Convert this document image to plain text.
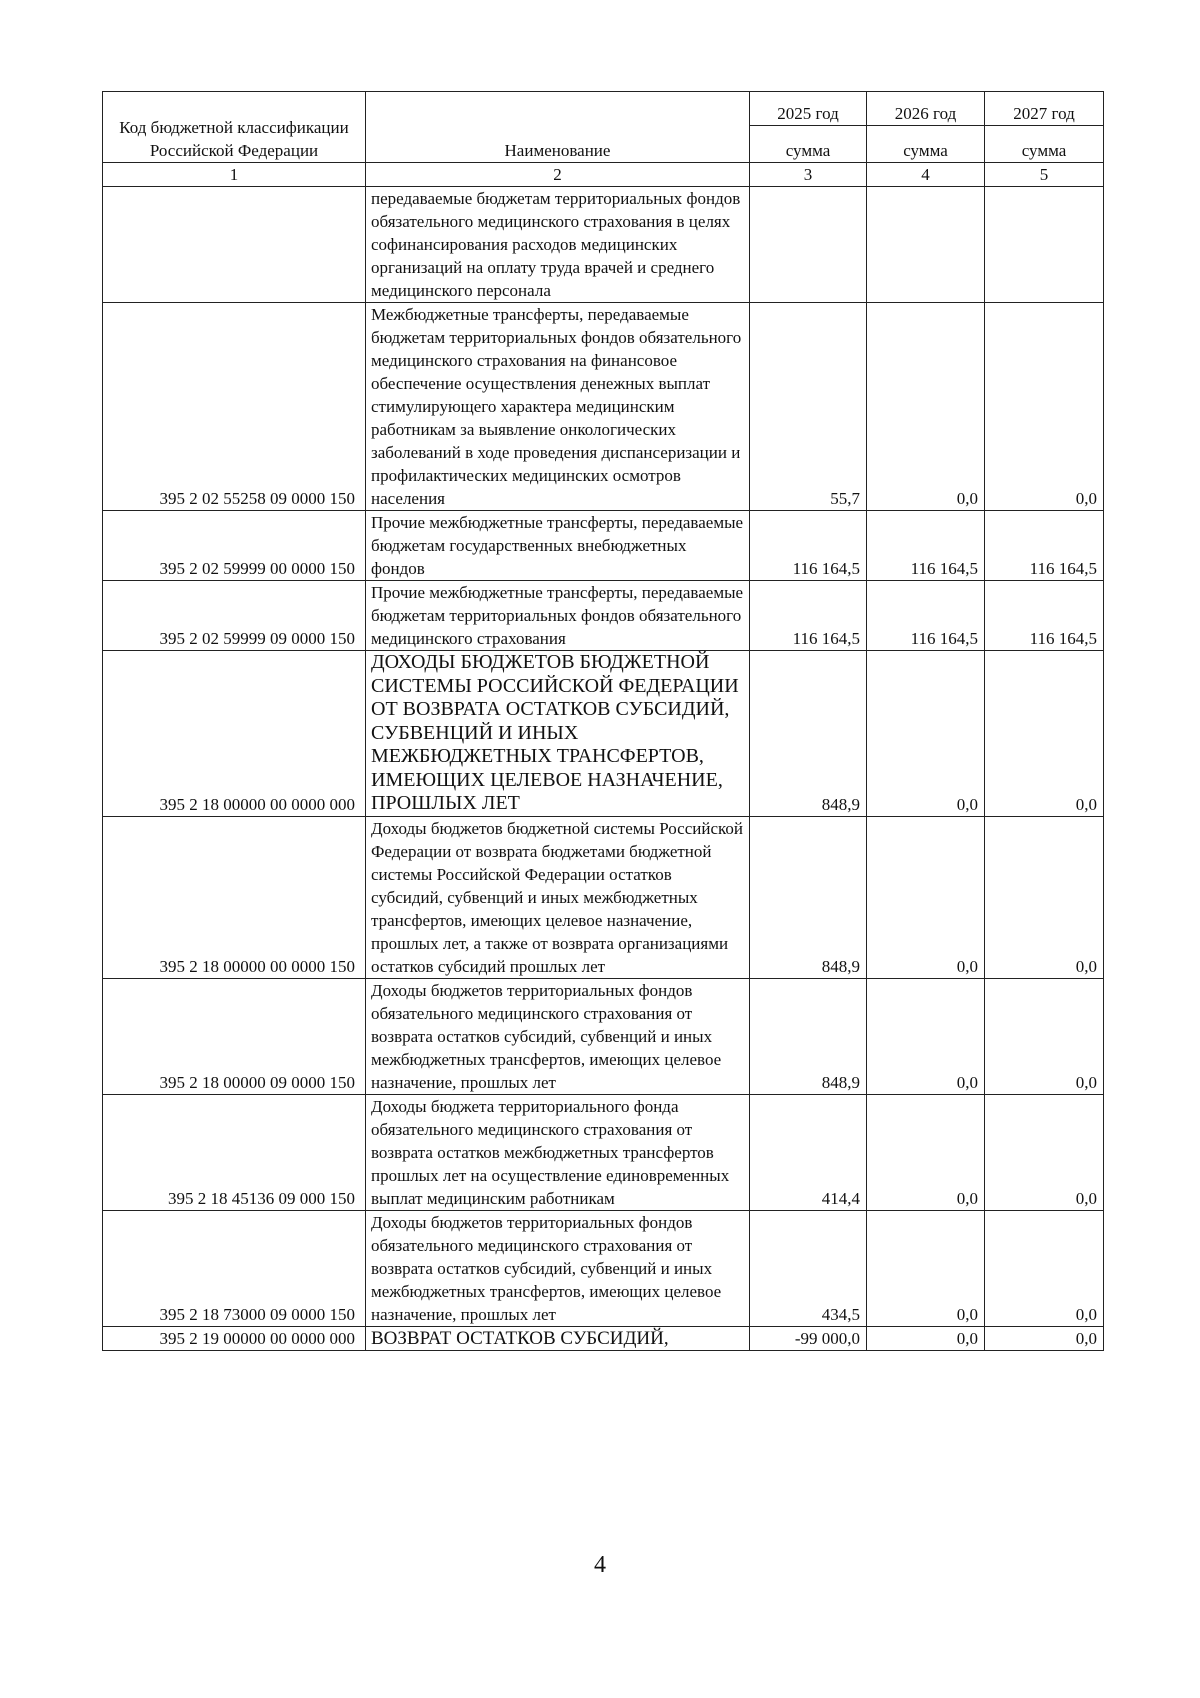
Код бюджетной классификации Российской Федерации	Наименование	2025 год	2026 год	2027 год
		сумма	сумма	сумма
1	2	3	4	5
	передаваемые бюджетам территориальных фондов обязательного медицинского страхования в целях софинансирования расходов медицинских организаций на оплату труда врачей и среднего медицинского персонала			
395 2 02 55258 09 0000 150	Межбюджетные трансферты, передаваемые бюджетам территориальных фондов обязательного медицинского страхования на финансовое обеспечение осуществления денежных выплат стимулирующего характера медицинским работникам за выявление онкологических заболеваний в ходе проведения диспансеризации и профилактических медицинских осмотров населения	55,7	0,0	0,0
395 2 02 59999 00 0000 150	Прочие межбюджетные трансферты, передаваемые бюджетам государственных внебюджетных фондов	116 164,5	116 164,5	116 164,5
395 2 02 59999 09 0000 150	Прочие межбюджетные трансферты, передаваемые бюджетам территориальных фондов обязательного медицинского страхования	116 164,5	116 164,5	116 164,5
395 2 18 00000 00 0000 000	ДОХОДЫ БЮДЖЕТОВ БЮДЖЕТНОЙ СИСТЕМЫ РОССИЙСКОЙ ФЕДЕРАЦИИ ОТ ВОЗВРАТА ОСТАТКОВ СУБСИДИЙ, СУБВЕНЦИЙ И ИНЫХ МЕЖБЮДЖЕТНЫХ ТРАНСФЕРТОВ, ИМЕЮЩИХ ЦЕЛЕВОЕ НАЗНАЧЕНИЕ, ПРОШЛЫХ ЛЕТ	848,9	0,0	0,0
395 2 18 00000 00 0000 150	Доходы бюджетов бюджетной системы Российской Федерации от возврата бюджетами бюджетной системы Российской Федерации остатков субсидий, субвенций и иных межбюджетных трансфертов, имеющих целевое назначение, прошлых лет, а также от возврата организациями остатков субсидий прошлых лет	848,9	0,0	0,0
395 2 18 00000 09 0000 150	Доходы бюджетов территориальных фондов обязательного медицинского страхования от возврата остатков субсидий, субвенций и иных межбюджетных трансфертов, имеющих целевое назначение, прошлых лет	848,9	0,0	0,0
395 2 18 45136 09 000 150	Доходы бюджета территориального фонда обязательного медицинского страхования от возврата остатков межбюджетных трансфертов прошлых лет на осуществление единовременных выплат медицинским работникам	414,4	0,0	0,0
395 2 18 73000 09 0000 150	Доходы бюджетов территориальных фондов обязательного медицинского страхования от возврата остатков субсидий, субвенций и иных межбюджетных трансфертов, имеющих целевое назначение, прошлых лет	434,5	0,0	0,0
395 2 19 00000 00 0000 000	ВОЗВРАТ ОСТАТКОВ СУБСИДИЙ,	-99 000,0	0,0	0,0
4
